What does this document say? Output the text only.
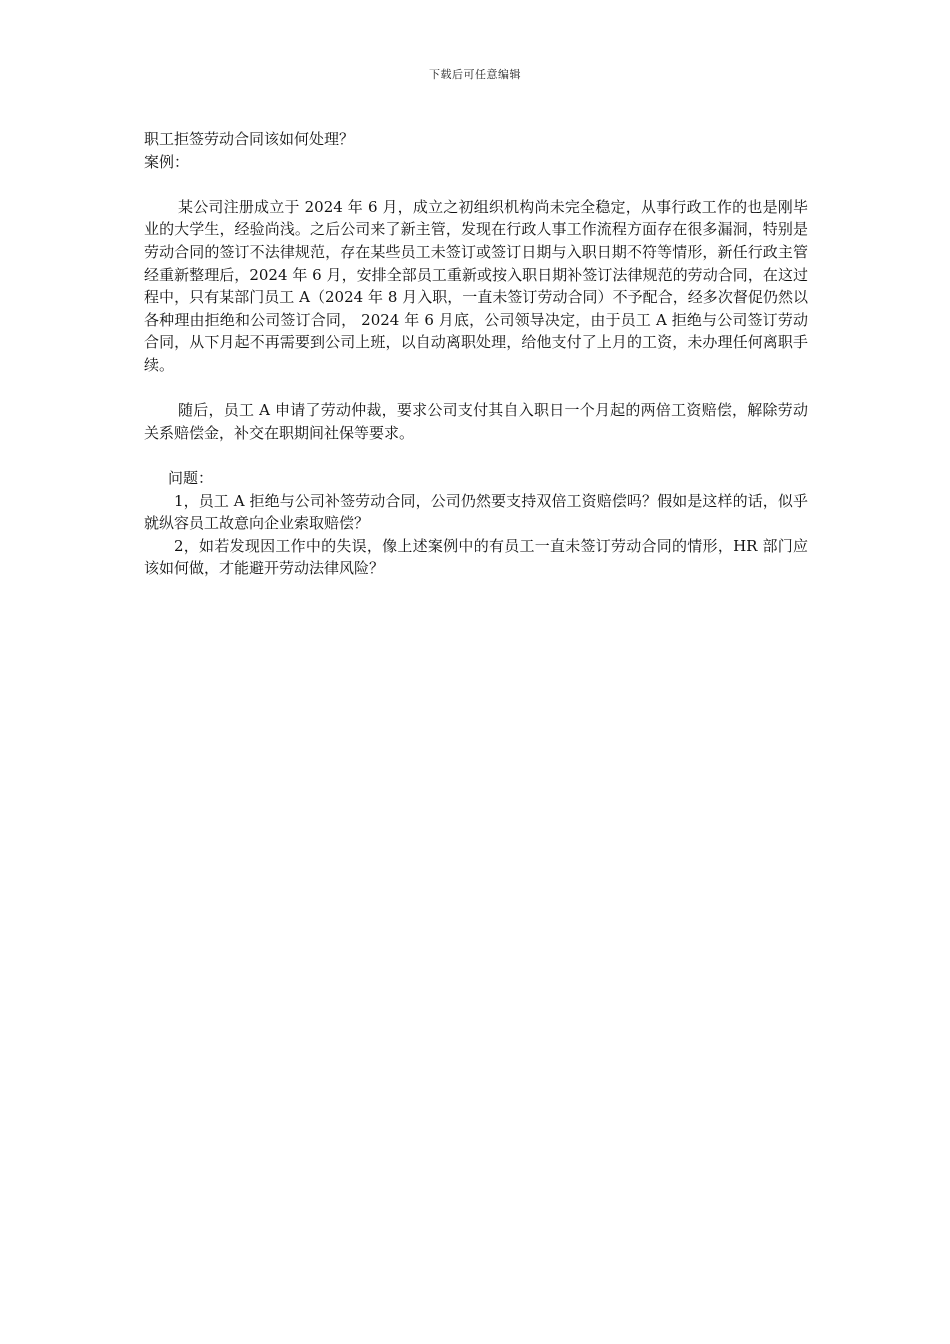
下载后可任意编辑

职工拒签劳动合同该如何处理？

案例：

某公司注册成立于 2024 年 6 月，成立之初组织机构尚未完全稳定，从事行政工作的也是刚毕业的大学生，经验尚浅。之后公司来了新主管，发现在行政人事工作流程方面存在很多漏洞，特别是劳动合同的签订不法律规范，存在某些员工未签订或签订日期与入职日期不符等情形，新任行政主管经重新整理后，2024 年 6 月，安排全部员工重新或按入职日期补签订法律规范的劳动合同，在这过程中，只有某部门员工 A（2024 年 8 月入职，一直未签订劳动合同）不予配合，经多次督促仍然以各种理由拒绝和公司签订合同， 2024 年 6 月底，公司领导决定，由于员工 A 拒绝与公司签订劳动合同，从下月起不再需要到公司上班，以自动离职处理，给他支付了上月的工资，未办理任何离职手续。

随后，员工 A 申请了劳动仲裁，要求公司支付其自入职日一个月起的两倍工资赔偿，解除劳动关系赔偿金，补交在职期间社保等要求。

问题：

1，员工 A 拒绝与公司补签劳动合同，公司仍然要支持双倍工资赔偿吗？假如是这样的话，似乎就纵容员工故意向企业索取赔偿？

2，如若发现因工作中的失误，像上述案例中的有员工一直未签订劳动合同的情形，HR 部门应该如何做，才能避开劳动法律风险？
